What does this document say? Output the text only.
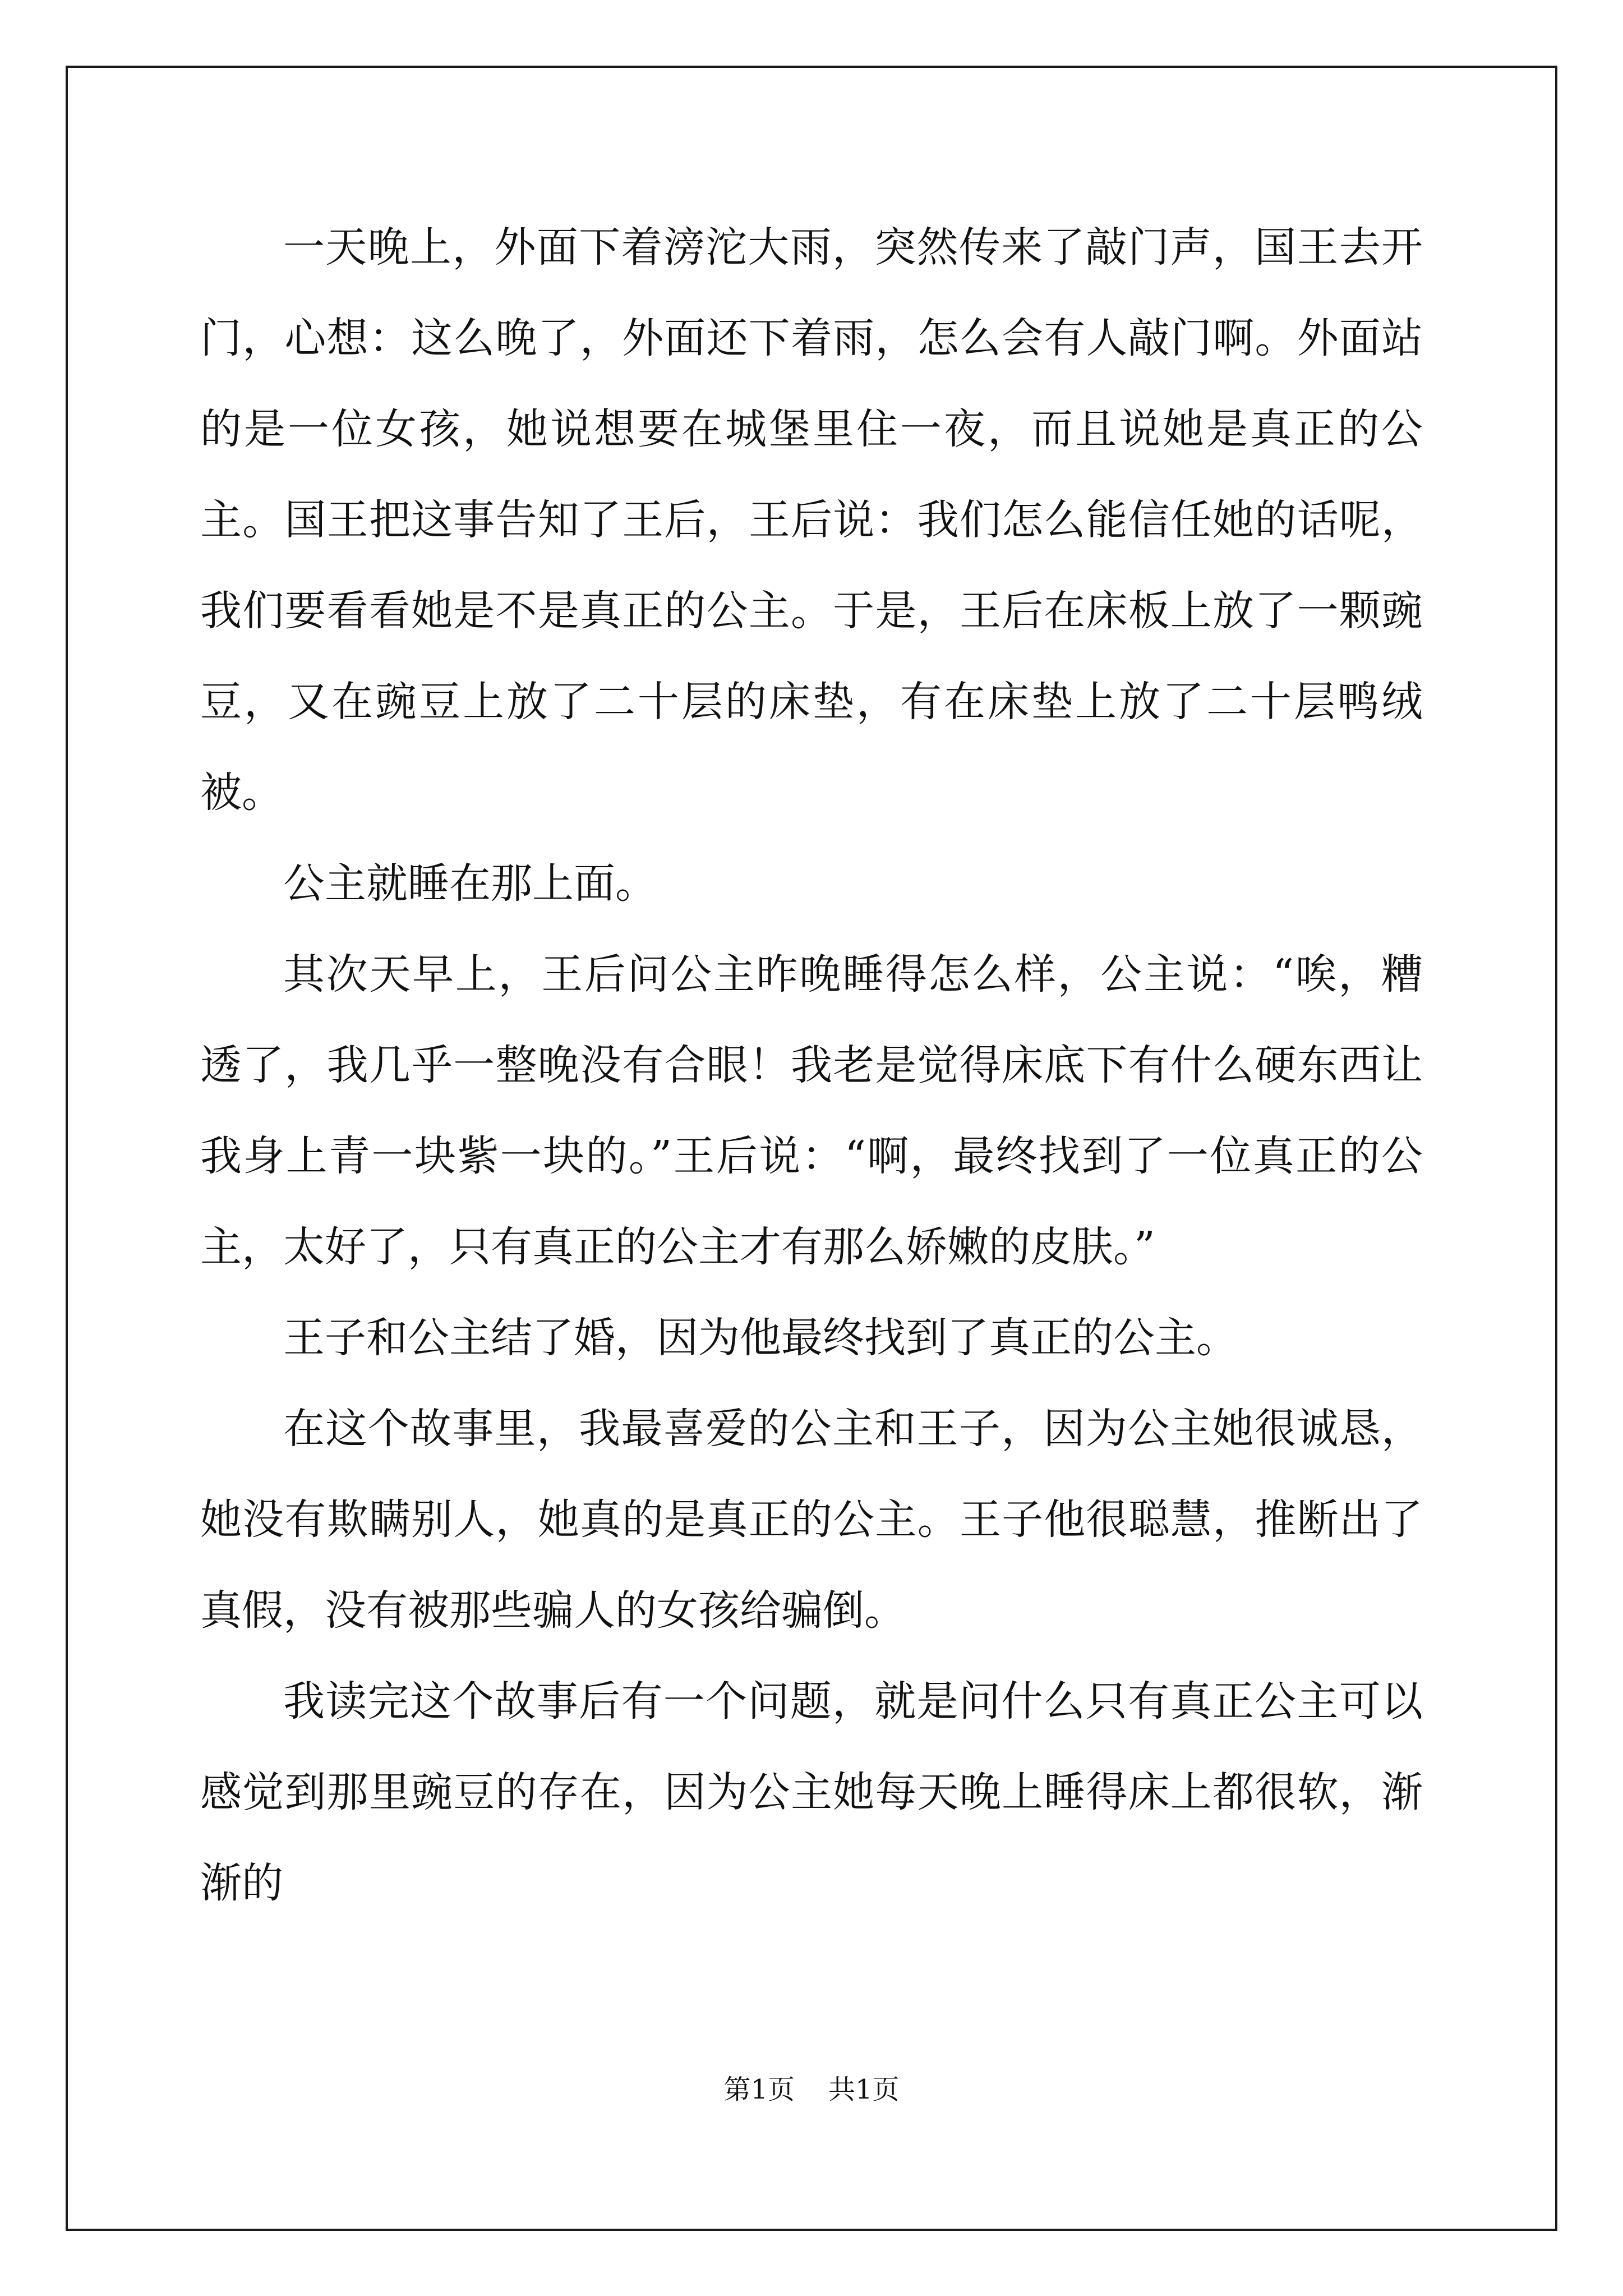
一天晚上，外面下着滂沱大雨，突然传来了敲门声，国王去开门，心想：这么晚了，外面还下着雨，怎么会有人敲门啊。外面站的是一位女孩，她说想要在城堡里住一夜，而且说她是真正的公主。国王把这事告知了王后，王后说：我们怎么能信任她的话呢，我们要看看她是不是真正的公主。于是，王后在床板上放了一颗豌豆，又在豌豆上放了二十层的床垫，有在床垫上放了二十层鸭绒被。

公主就睡在那上面。

其次天早上，王后问公主昨晚睡得怎么样，公主说：“唉，糟透了，我几乎一整晚没有合眼！我老是觉得床底下有什么硬东西让我身上青一块紫一块的。”王后说：“啊，最终找到了一位真正的公主，太好了，只有真正的公主才有那么娇嫩的皮肤。”

王子和公主结了婚，因为他最终找到了真正的公主。

在这个故事里，我最喜爱的公主和王子，因为公主她很诚恳，她没有欺瞒别人，她真的是真正的公主。王子他很聪慧，推断出了真假，没有被那些骗人的女孩给骗倒。

我读完这个故事后有一个问题，就是问什么只有真正公主可以感觉到那里豌豆的存在，因为公主她每天晚上睡得床上都很软，渐渐的

第1页 共1页
